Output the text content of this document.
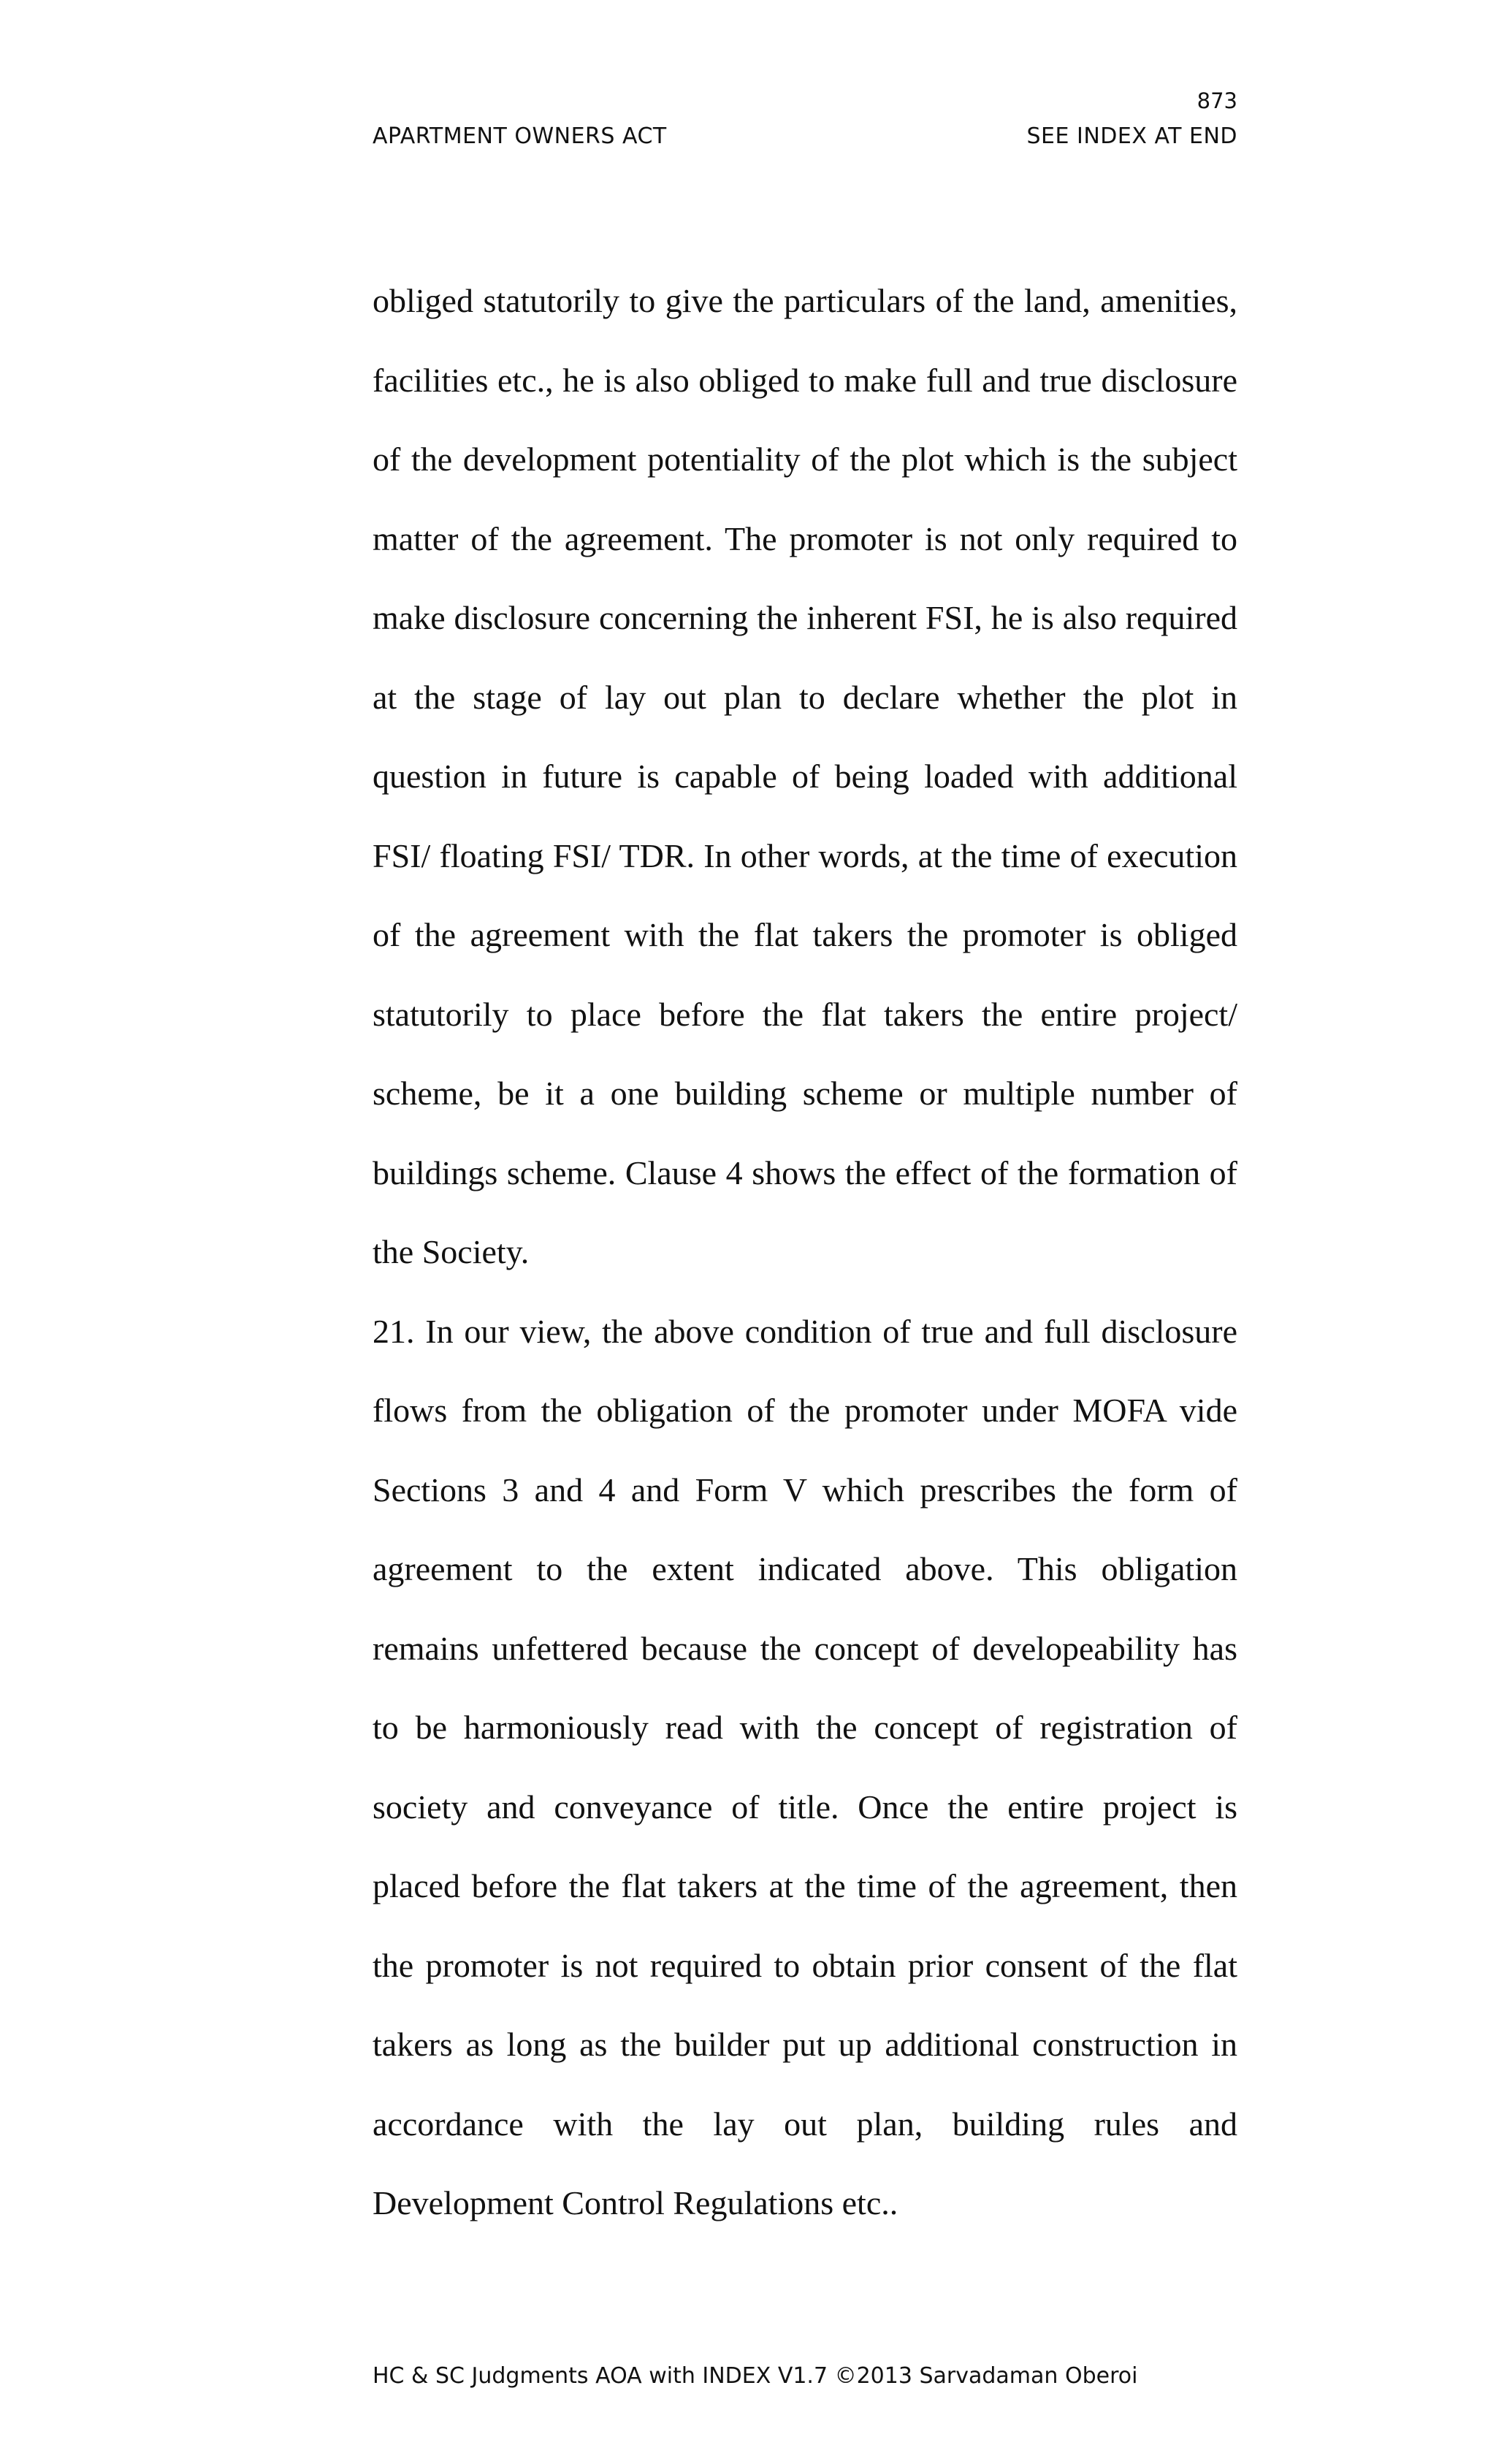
873
APARTMENT OWNERS ACT	SEE INDEX AT END

obliged statutorily to give the particulars of the land, amenities, facilities etc., he is also obliged to make full and true disclosure of the development potentiality of the plot which is the subject matter of the agreement. The promoter is not only required to make disclosure concerning the inherent FSI, he is also required at the stage of lay out plan to declare whether the plot in question in future is capable of being loaded with additional FSI/ floating FSI/ TDR. In other words, at the time of execution of the agreement with the flat takers the promoter is obliged statutorily to place before the flat takers the entire project/ scheme, be it a one building scheme or multiple number of buildings scheme. Clause 4 shows the effect of the formation of the Society.

21. In our view, the above condition of true and full disclosure flows from the obligation of the promoter under MOFA vide Sections 3 and 4 and Form V which prescribes the form of agreement to the extent indicated above. This obligation remains unfettered because the concept of developeability has to be harmoniously read with the concept of registration of society and conveyance of title. Once the entire project is placed before the flat takers at the time of the agreement, then the promoter is not required to obtain prior consent of the flat takers as long as the builder put up additional construction in accordance with the lay out plan, building rules and Development Control Regulations etc..

HC & SC Judgments AOA with INDEX V1.7 ©2013 Sarvadaman Oberoi
